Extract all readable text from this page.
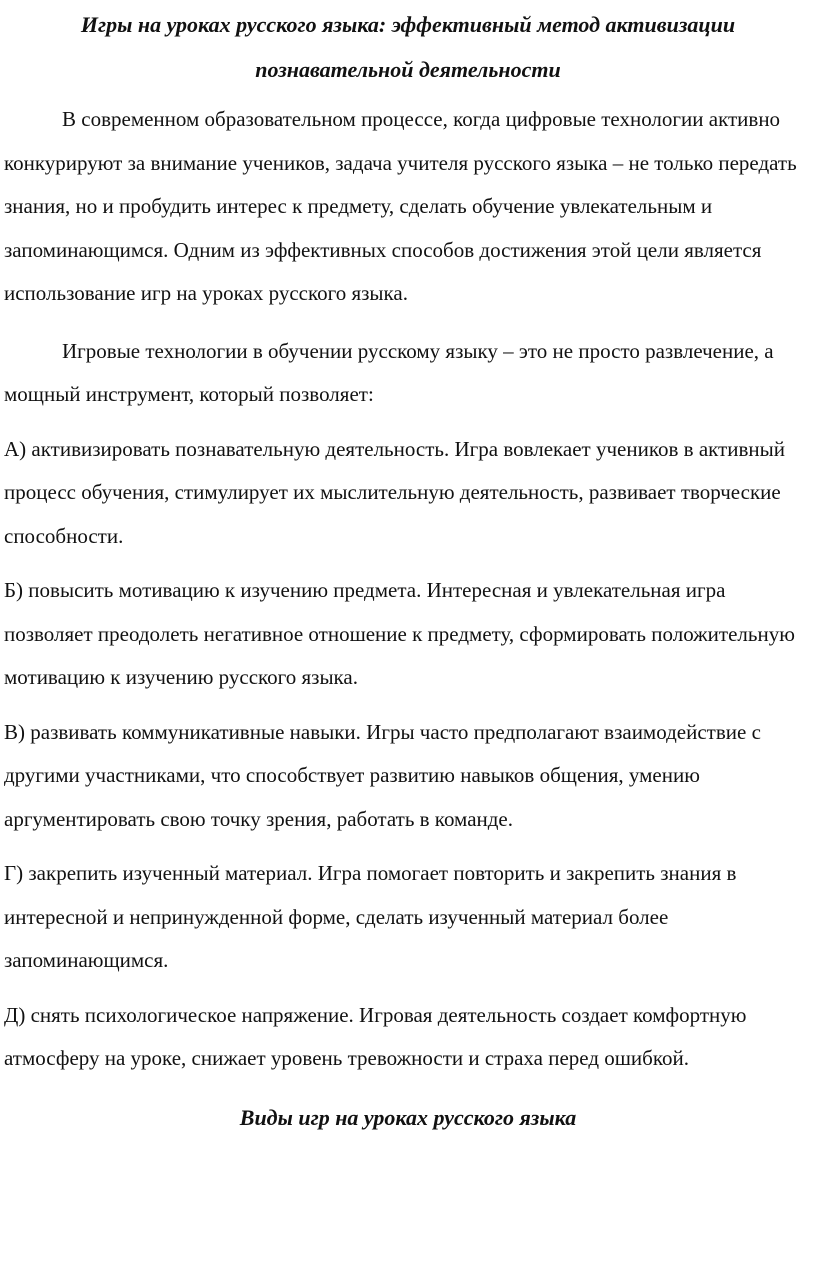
Игры на уроках русского языка: эффективный метод активизации
познавательной деятельности

В современном образовательном процессе, когда цифровые технологии активно конкурируют за внимание учеников, задача учителя русского языка – не только передать знания, но и пробудить интерес к предмету, сделать обучение увлекательным и запоминающимся. Одним из эффективных способов достижения этой цели является использование игр на уроках русского языка.

Игровые технологии в обучении русскому языку – это не просто развлечение, а мощный инструмент, который позволяет:

А) активизировать познавательную деятельность. Игра вовлекает учеников в активный процесс обучения, стимулирует их мыслительную деятельность, развивает творческие способности.

Б) повысить мотивацию к изучению предмета. Интересная и увлекательная игра позволяет преодолеть негативное отношение к предмету, сформировать положительную мотивацию к изучению русского языка.

В) развивать коммуникативные навыки. Игры часто предполагают взаимодействие с другими участниками, что способствует развитию навыков общения, умению аргументировать свою точку зрения, работать в команде.

Г) закрепить изученный материал. Игра помогает повторить и закрепить знания в интересной и непринужденной форме, сделать изученный материал более запоминающимся.

Д) снять психологическое напряжение. Игровая деятельность создает комфортную атмосферу на уроке, снижает уровень тревожности и страха перед ошибкой.

Виды игр на уроках русского языка
